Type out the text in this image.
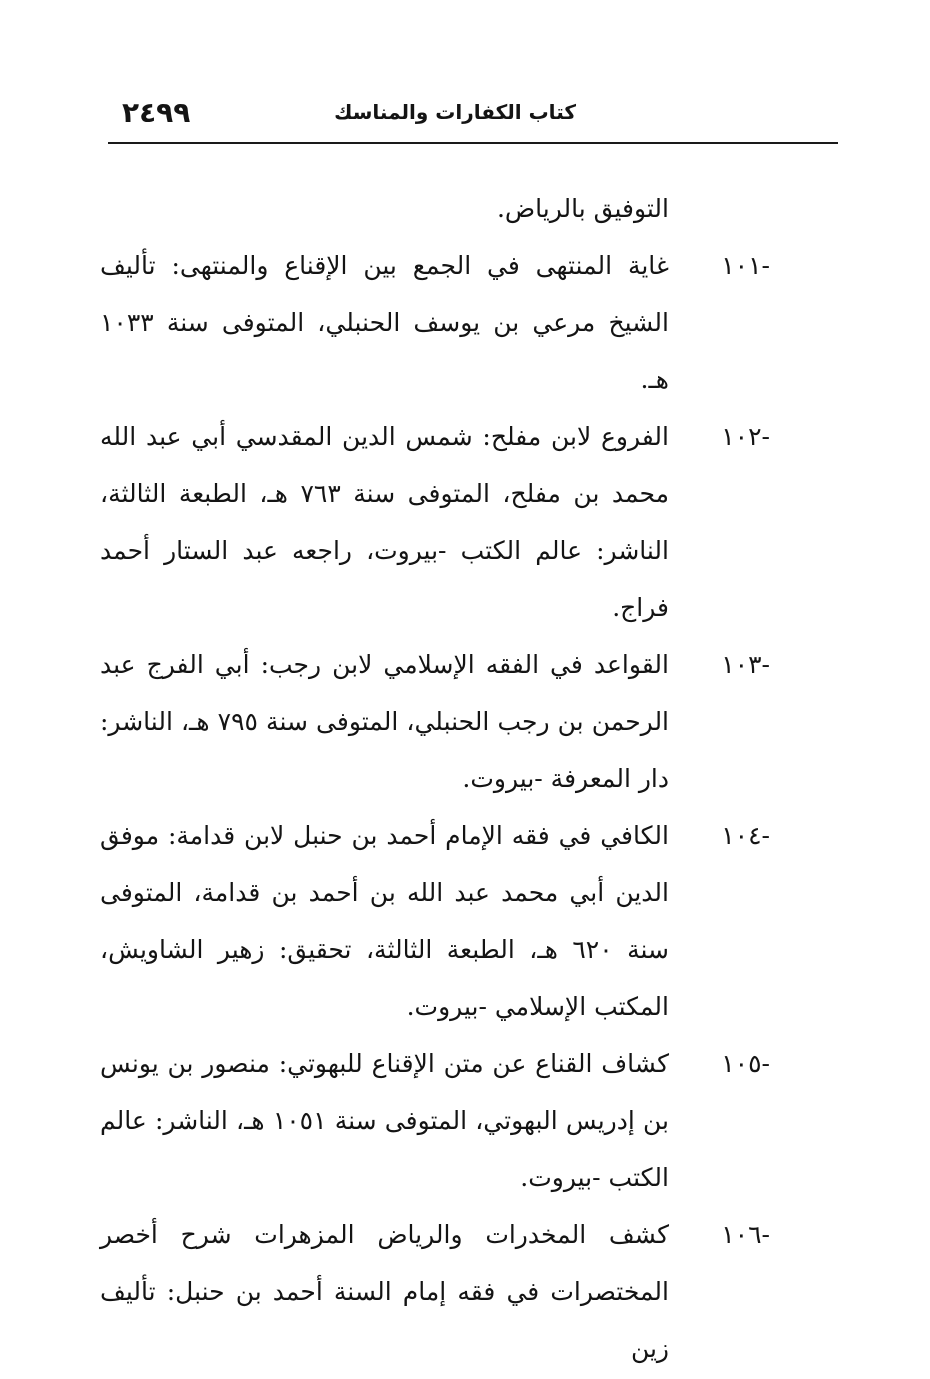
٢٤٩٩	كتاب الكفارات والمناسك
التوفيق بالرياض.
-١٠١
غاية المنتهى في الجمع بين الإقناع والمنتهى: تأليف الشيخ مرعي بن يوسف الحنبلي، المتوفى سنة ١٠٣٣ هـ.
-١٠٢
الفروع لابن مفلح: شمس الدين المقدسي أبي عبد الله محمد بن مفلح، المتوفى سنة ٧٦٣ هـ، الطبعة الثالثة، الناشر: عالم الكتب -بيروت، راجعه عبد الستار أحمد فراج.
-١٠٣
القواعد في الفقه الإسلامي لابن رجب: أبي الفرج عبد الرحمن بن رجب الحنبلي، المتوفى سنة ٧٩٥ هـ، الناشر: دار المعرفة -بيروت.
-١٠٤
الكافي في فقه الإمام أحمد بن حنبل لابن قدامة: موفق الدين أبي محمد عبد الله بن أحمد بن قدامة، المتوفى سنة ٦٢٠ هـ، الطبعة الثالثة، تحقيق: زهير الشاويش، المكتب الإسلامي -بيروت.
-١٠٥
كشاف القناع عن متن الإقناع للبهوتي: منصور بن يونس بن إدريس البهوتي، المتوفى سنة ١٠٥١ هـ، الناشر: عالم الكتب -بيروت.
-١٠٦
كشف المخدرات والرياض المزهرات شرح أخصر المختصرات في فقه إمام السنة أحمد بن حنبل: تأليف زين
